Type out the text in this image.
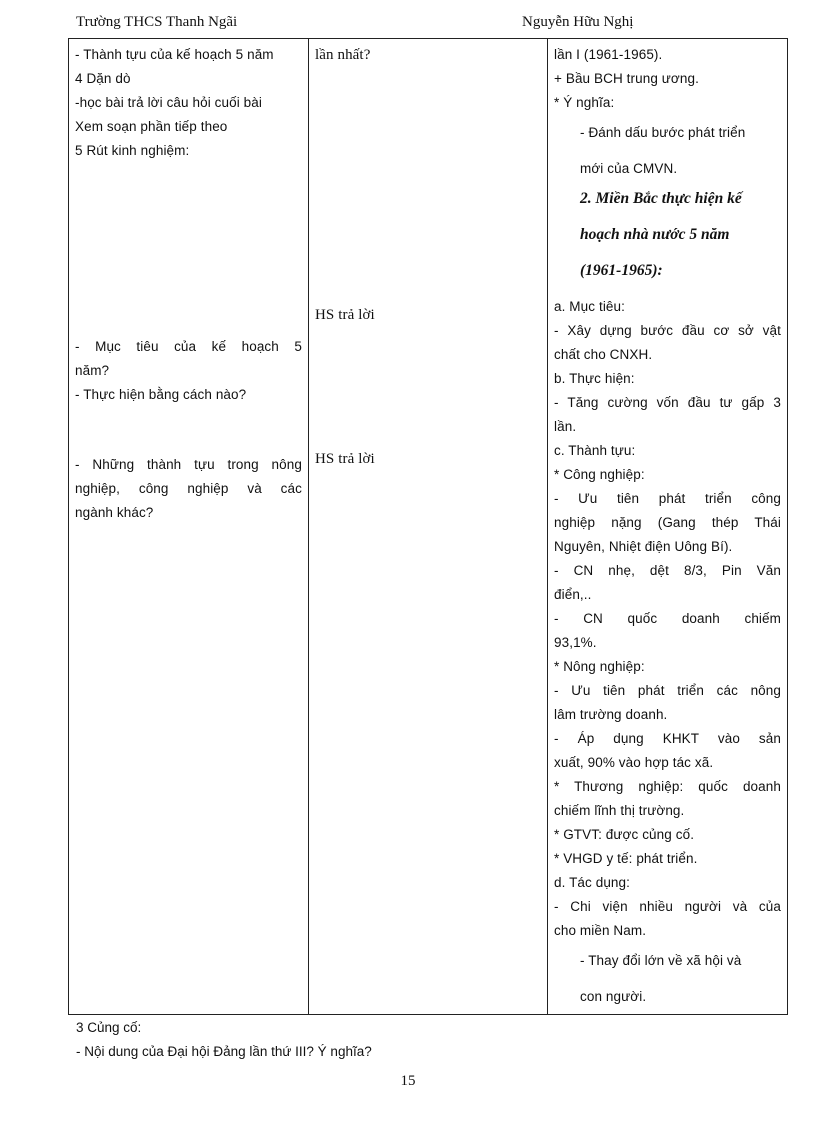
Trường THCS Thanh Ngãi	Nguyễn Hữu Nghị
- Thành tựu của kế hoạch 5 năm
4 Dặn dò
-học bài trả lời câu hỏi cuối bài
Xem soạn phần tiếp theo
5 Rút kinh nghiệm:
- Mục tiêu của kế hoạch 5
năm?
- Thực hiện bằng cách nào?
- Những thành tựu trong nông
nghiệp, công nghiệp và các
ngành khác?

lần nhất?
HS trả lời
HS trả lời

lần I (1961-1965).
+ Bầu BCH trung ương.
* Ý nghĩa:
- Đánh dấu bước phát triển
mới của CMVN.
2. Miền Bắc thực hiện kế
hoạch nhà nước 5 năm
(1961-1965):
a. Mục tiêu:
- Xây dựng bước đầu cơ sở vật
chất cho CNXH.
b. Thực hiện:
- Tăng cường vốn đầu tư gấp 3
lần.
c. Thành tựu:
* Công nghiệp:
- Ưu tiên phát triển công
nghiệp nặng (Gang thép Thái
Nguyên, Nhiệt điện Uông Bí).
- CN nhẹ, dệt 8/3, Pin Văn
điển,..
- CN quốc doanh chiếm
93,1%.
* Nông nghiệp:
- Ưu tiên phát triển các nông
lâm trường doanh.
- Áp dụng KHKT vào sản
xuất, 90% vào hợp tác xã.
* Thương nghiệp: quốc doanh
chiếm lĩnh thị trường.
* GTVT: được củng cố.
* VHGD y tế: phát triển.
d. Tác dụng:
- Chi viện nhiều người và của
cho miền Nam.
- Thay đổi lớn về xã hội và
con người.
3 Củng cố:
- Nội dung của Đại hội Đảng lần thứ III? Ý nghĩa?
15
